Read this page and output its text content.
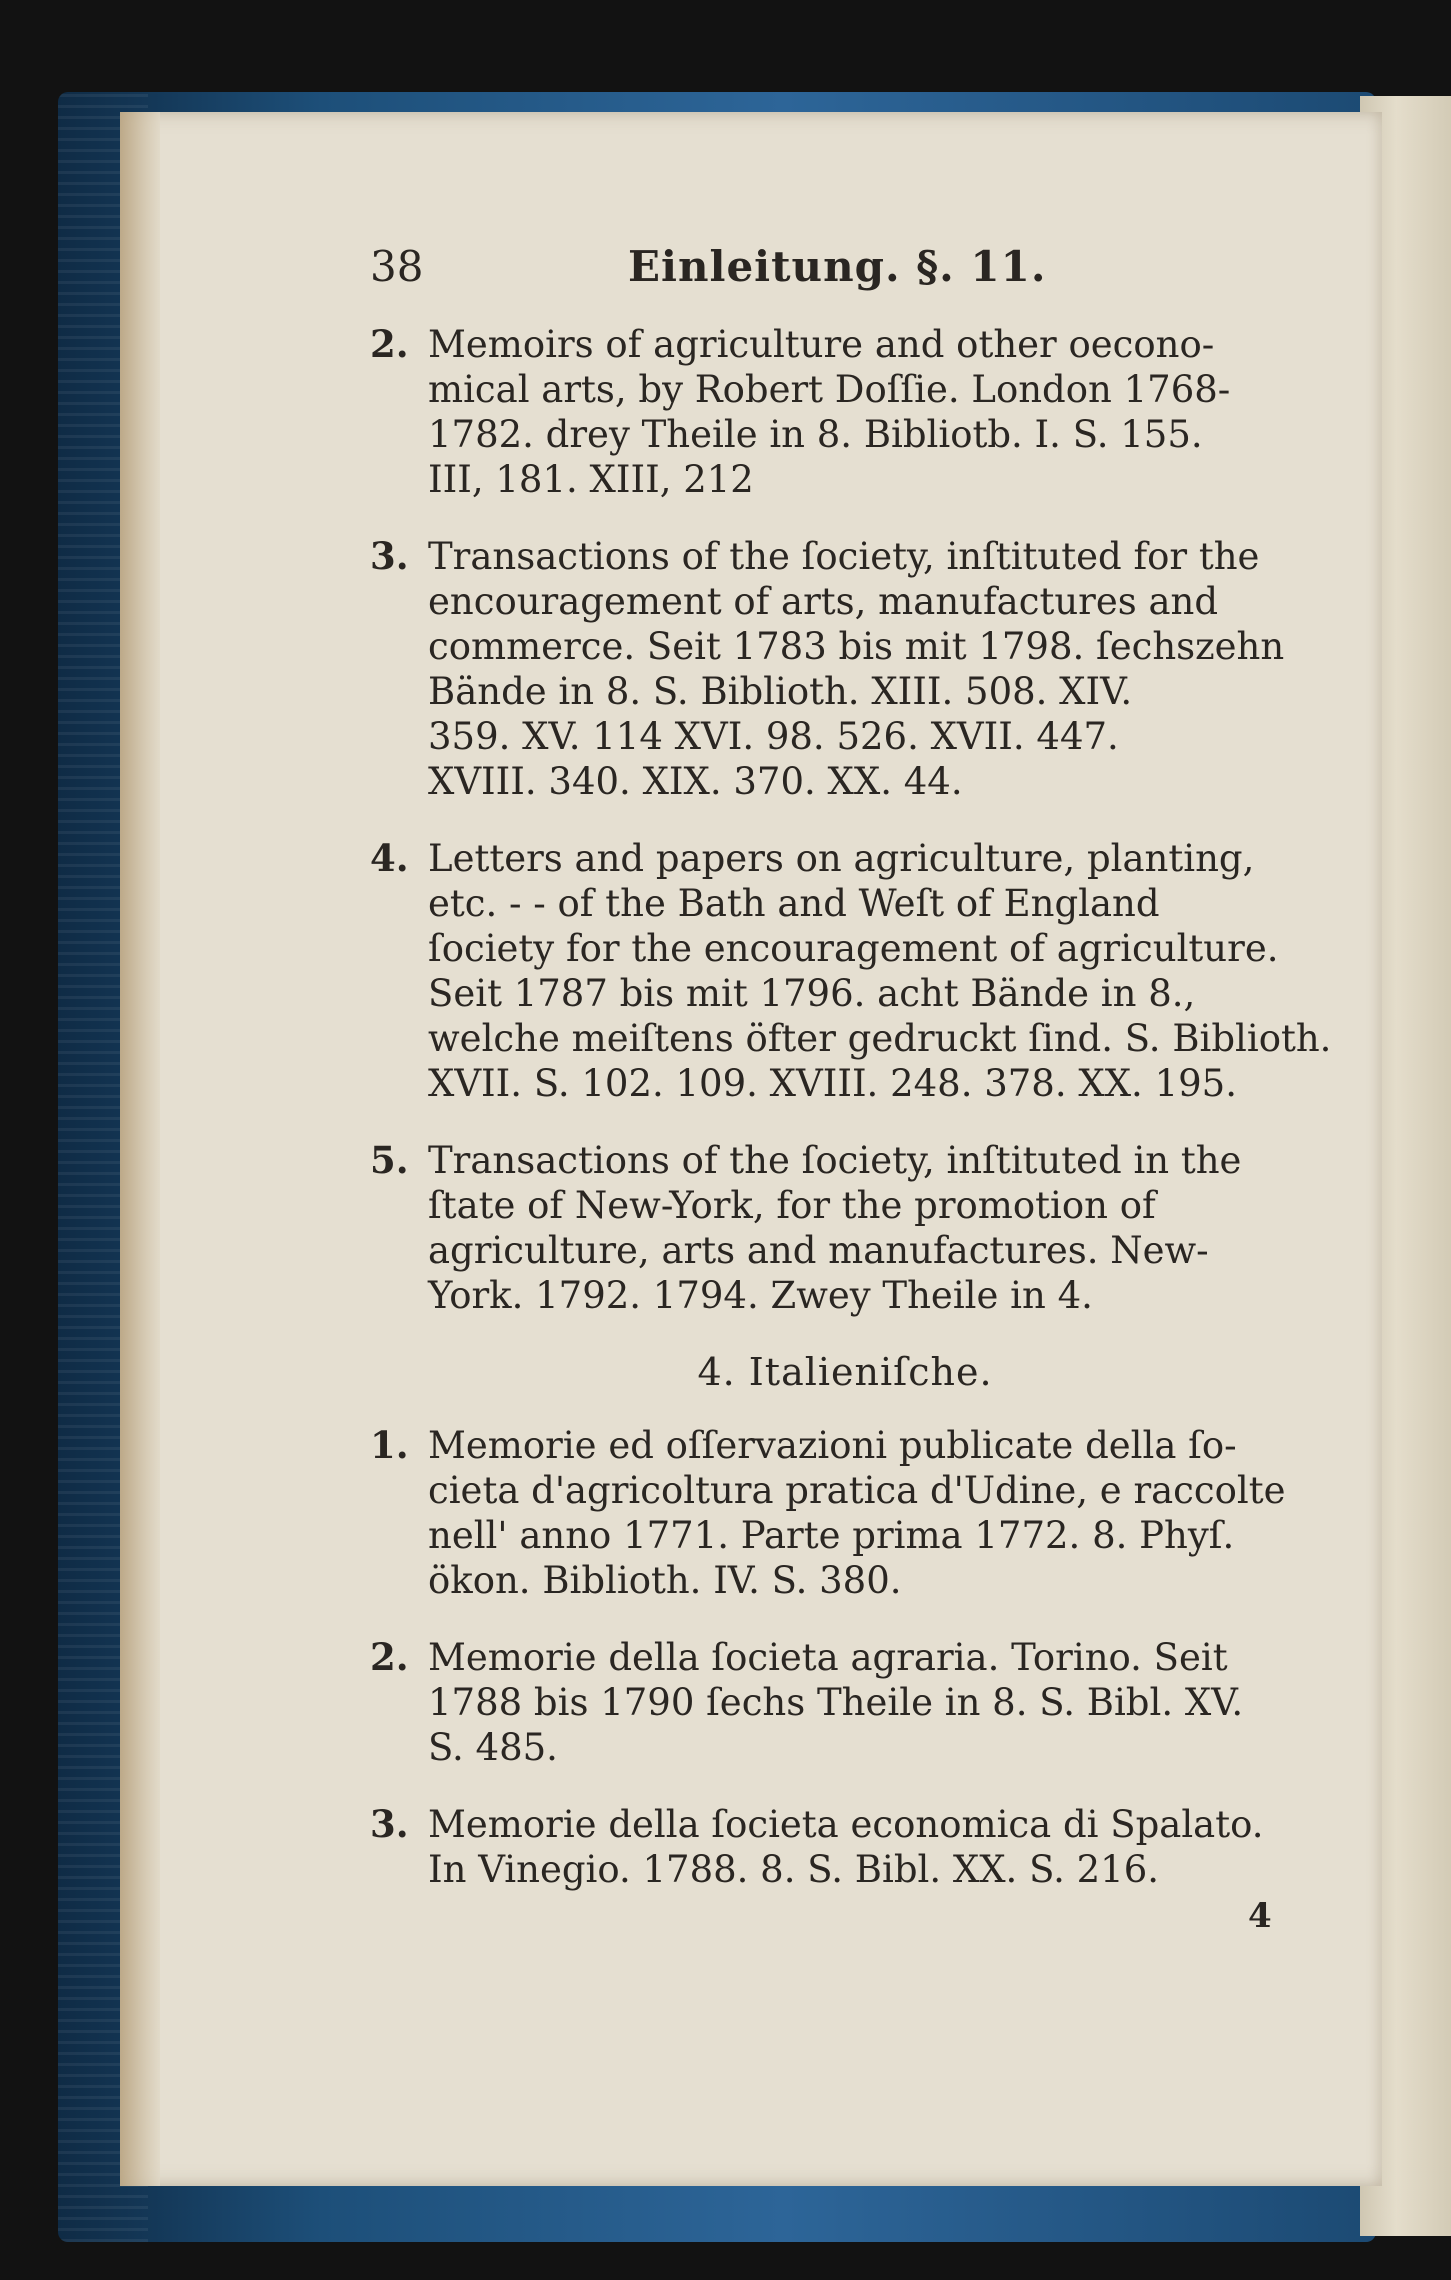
38	Einleitung. §. 11.
2. Memoirs of agriculture and other oecono-
mical arts, by Robert Doſſie. London 1768-
1782. drey Theile in 8. Bibliotb. I. S. 155.
III, 181. XIII, 212
3. Transactions of the ſociety, inſtituted for the
encouragement of arts, manufactures and
commerce. Seit 1783 bis mit 1798. ſechszehn
Bände in 8. S. Biblioth. XIII. 508. XIV.
359. XV. 114 XVI. 98. 526. XVII. 447.
XVIII. 340. XIX. 370. XX. 44.
4. Letters and papers on agriculture, planting,
etc. - - of the Bath and Weſt of England
ſociety for the encouragement of agriculture.
Seit 1787 bis mit 1796. acht Bände in 8.,
welche meiſtens öfter gedruckt ſind. S. Biblioth.
XVII. S. 102. 109. XVIII. 248. 378. XX. 195.
5. Transactions of the ſociety, inſtituted in the
ſtate of New-York, for the promotion of
agriculture, arts and manufactures. New-
York. 1792. 1794. Zwey Theile in 4.
4. Italieniſche.
1. Memorie ed oſſervazioni publicate della ſo-
cieta d'agricoltura pratica d'Udine, e raccolte
nell' anno 1771. Parte prima 1772. 8. Phyſ.
ökon. Biblioth. IV. S. 380.
2. Memorie della ſocieta agraria. Torino. Seit
1788 bis 1790 ſechs Theile in 8. S. Bibl. XV.
S. 485.
3. Memorie della ſocieta economica di Spalato.
In Vinegio. 1788. 8. S. Bibl. XX. S. 216.
4
